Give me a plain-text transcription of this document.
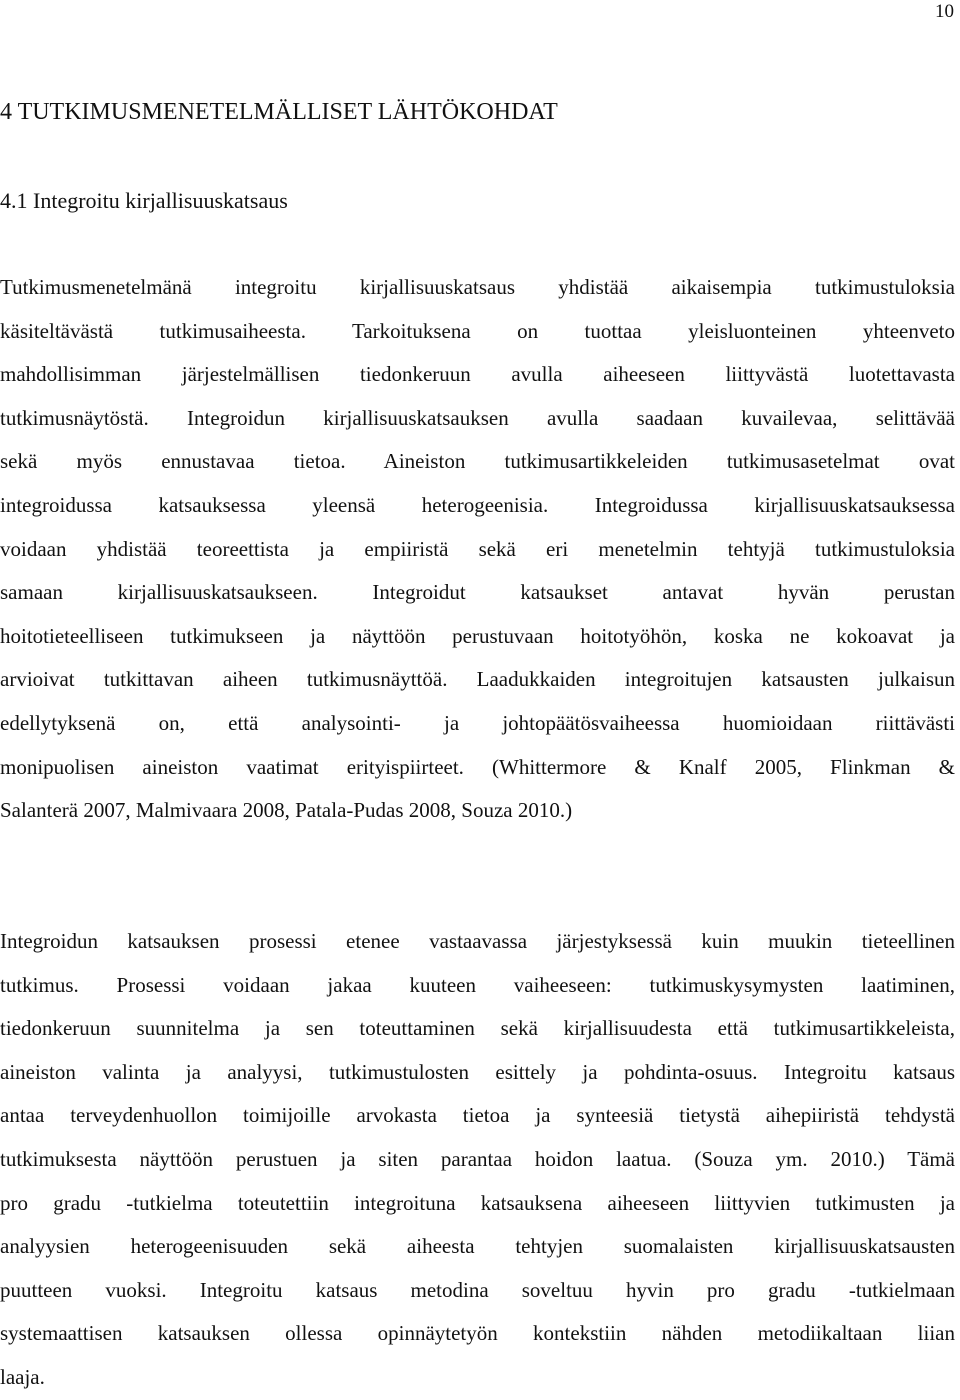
10
4 TUTKIMUSMENETELMÄLLISET LÄHTÖKOHDAT
4.1 Integroitu kirjallisuuskatsaus
Tutkimusmenetelmänä integroitu kirjallisuuskatsaus yhdistää aikaisempia tutkimustuloksia
käsiteltävästä tutkimusaiheesta. Tarkoituksena on tuottaa yleisluonteinen yhteenveto
mahdollisimman järjestelmällisen tiedonkeruun avulla aiheeseen liittyvästä luotettavasta
tutkimusnäytöstä. Integroidun kirjallisuuskatsauksen avulla saadaan kuvailevaa, selittävää
sekä myös ennustavaa tietoa. Aineiston tutkimusartikkeleiden tutkimusasetelmat ovat
integroidussa katsauksessa yleensä heterogeenisia. Integroidussa kirjallisuuskatsauksessa
voidaan yhdistää teoreettista ja empiiristä sekä eri menetelmin tehtyjä tutkimustuloksia
samaan kirjallisuuskatsaukseen. Integroidut katsaukset antavat hyvän perustan
hoitotieteelliseen tutkimukseen ja näyttöön perustuvaan hoitotyöhön, koska ne kokoavat ja
arvioivat tutkittavan aiheen tutkimusnäyttöä. Laadukkaiden integroitujen katsausten julkaisun
edellytyksenä on, että analysointi- ja johtopäätösvaiheessa huomioidaan riittävästi
monipuolisen aineiston vaatimat erityispiirteet. (Whittermore & Knalf 2005, Flinkman &
Salanterä 2007, Malmivaara 2008, Patala-Pudas 2008, Souza 2010.)
Integroidun katsauksen prosessi etenee vastaavassa järjestyksessä kuin muukin tieteellinen
tutkimus. Prosessi voidaan jakaa kuuteen vaiheeseen: tutkimuskysymysten laatiminen,
tiedonkeruun suunnitelma ja sen toteuttaminen sekä kirjallisuudesta että tutkimusartikkeleista,
aineiston valinta ja analyysi, tutkimustulosten esittely ja pohdinta-osuus. Integroitu katsaus
antaa terveydenhuollon toimijoille arvokasta tietoa ja synteesiä tietystä aihepiiristä tehdystä
tutkimuksesta näyttöön perustuen ja siten parantaa hoidon laatua. (Souza ym. 2010.) Tämä
pro gradu -tutkielma toteutettiin integroitunа katsauksena aiheeseen liittyvien tutkimusten ja
analyysien heterogeenisuuden sekä aiheesta tehtyjen suomalaisten kirjallisuuskatsausten
puutteen vuoksi. Integroitu katsaus metodina soveltuu hyvin pro gradu -tutkielmaan
systemaattisen katsauksen ollessa opinnäytetyön kontekstiin nähden metodiikaltaan liian
laaja.
